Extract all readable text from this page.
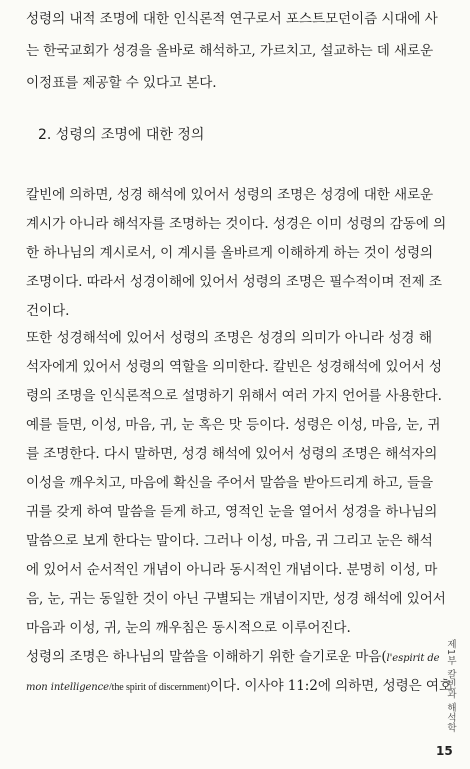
성령의 내적 조명에 대한 인식론적 연구로서 포스트모던이즘 시대에 사
는 한국교회가 성경을 올바로 해석하고, 가르치고, 설교하는 데 새로운
이정표를 제공할 수 있다고 본다.
2. 성령의 조명에 대한 정의
칼빈에 의하면, 성경 해석에 있어서 성령의 조명은 성경에 대한 새로운
계시가 아니라 해석자를 조명하는 것이다. 성경은 이미 성령의 감동에 의
한 하나님의 계시로서, 이 계시를 올바르게 이해하게 하는 것이 성령의
조명이다. 따라서 성경이해에 있어서 성령의 조명은 필수적이며 전제 조
건이다.
또한 성경해석에 있어서 성령의 조명은 성경의 의미가 아니라 성경 해
석자에게 있어서 성령의 역할을 의미한다. 칼빈은 성경해석에 있어서 성
령의 조명을 인식론적으로 설명하기 위해서 여러 가지 언어를 사용한다.
예를 들면, 이성, 마음, 귀, 눈 혹은 맛 등이다. 성령은 이성, 마음, 눈, 귀
를 조명한다. 다시 말하면, 성경 해석에 있어서 성령의 조명은 해석자의
이성을 깨우치고, 마음에 확신을 주어서 말씀을 받아드리게 하고, 들을
귀를 갖게 하여 말씀을 듣게 하고, 영적인 눈을 열어서 성경을 하나님의
말씀으로 보게 한다는 말이다. 그러나 이성, 마음, 귀 그리고 눈은 해석
에 있어서 순서적인 개념이 아니라 동시적인 개념이다. 분명히 이성, 마
음, 눈, 귀는 동일한 것이 아닌 구별되는 개념이지만, 성경 해석에 있어서
마음과 이성, 귀, 눈의 깨우침은 동시적으로 이루어진다.
성령의 조명은 하나님의 말씀을 이해하기 위한 슬기로운 마음(l'espirit de
mon intelligence/the spirit of discernment)이다. 이사야 11:2에 의하면, 성령은 여호
제1부 칼빈과 해석학
15
